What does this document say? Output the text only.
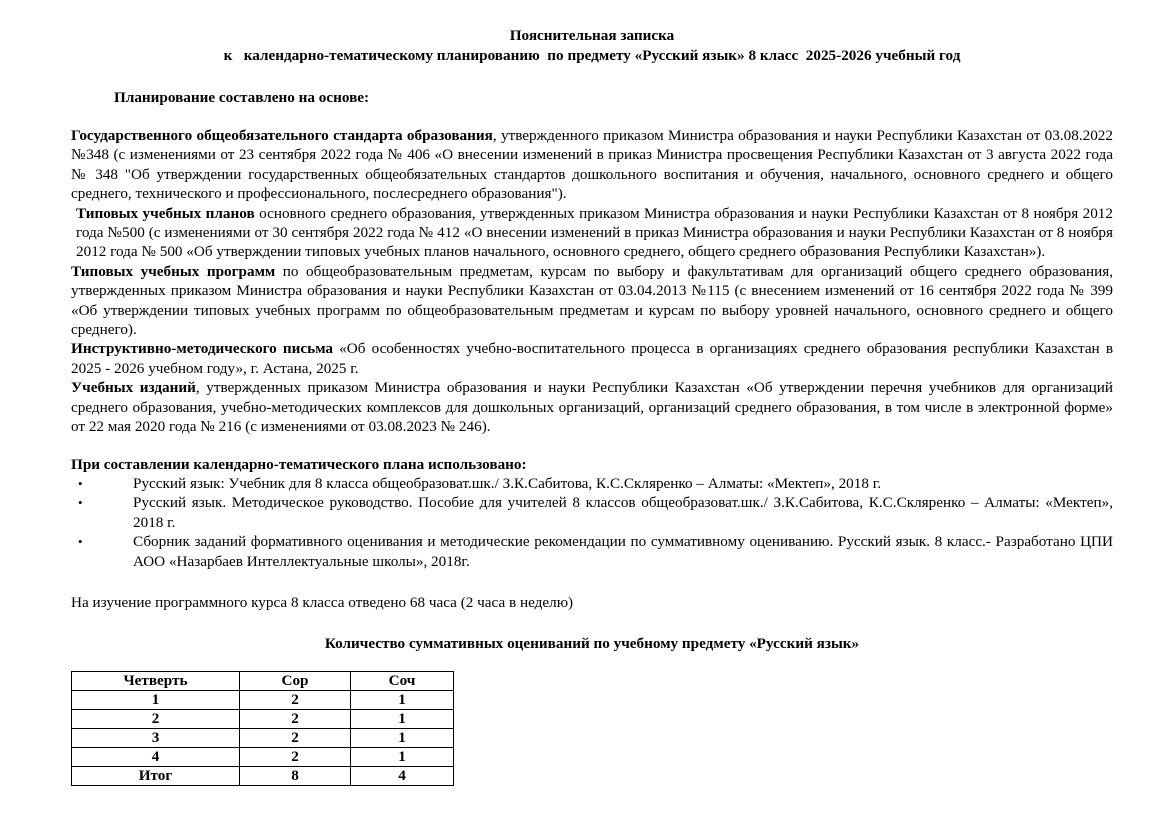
Пояснительная записка
к   календарно-тематическому планированию  по предмету «Русский язык» 8 класс  2025-2026 учебный год
Планирование составлено на основе:

Государственного общеобязательного стандарта образования, утвержденного приказом Министра образования и науки Республики Казахстан от 03.08.2022 №348 (с изменениями от 23 сентября 2022 года № 406 «О внесении изменений в приказ Министра просвещения Республики Казахстан от 3 августа 2022 года № 348 "Об утверждении государственных общеобязательных стандартов дошкольного воспитания и обучения, начального, основного среднего и общего среднего, технического и профессионального, послесреднего образования").

Типовых учебных планов основного среднего образования, утвержденных приказом Министра образования и науки Республики Казахстан от 8 ноября 2012 года №500 (с изменениями от 30 сентября 2022 года № 412 «О внесении изменений в приказ Министра образования и науки Республики Казахстан от 8 ноября 2012 года № 500 «Об утверждении типовых учебных планов начального, основного среднего, общего среднего образования Республики Казахстан»).

Типовых учебных программ по общеобразовательным предметам, курсам по выбору и факультативам для организаций общего среднего образования, утвержденных приказом Министра образования и науки Республики Казахстан от 03.04.2013 №115 (с внесением изменений от 16 сентября 2022 года № 399 «Об утверждении типовых учебных программ по общеобразовательным предметам и курсам по выбору уровней начального, основного среднего и общего среднего).

Инструктивно-методического письма «Об особенностях учебно-воспитательного процесса в организациях среднего образования республики Казахстан в 2025 - 2026 учебном году», г. Астана, 2025 г.

Учебных изданий, утвержденных приказом Министра образования и науки Республики Казахстан «Об утверждении перечня учебников для организаций среднего образования, учебно-методических комплексов для дошкольных организаций, организаций среднего образования, в том числе в электронной форме» от 22 мая 2020 года № 216 (с изменениями от 03.08.2023 № 246).

При составлении календарно-тематического плана использовано:

•	Русский язык: Учебник для 8 класса общеобразоват.шк./ З.К.Сабитова, К.С.Скляренко – Алматы: «Мектеп», 2018 г.
•	Русский язык. Методическое руководство. Пособие для учителей 8 классов общеобразоват.шк./ З.К.Сабитова, К.С.Скляренко – Алматы: «Мектеп», 2018 г.
•	Сборник заданий формативного оценивания и методические рекомендации по суммативному оцениванию. Русский язык. 8 класс.- Разработано ЦПИ АОО «Назарбаев Интеллектуальные школы», 2018г.
На изучение программного курса 8 класса отведено 68 часа (2 часа в неделю)
Количество суммативных оцениваний по учебному предмету «Русский язык»
Четверть	Сор	Соч
1	2	1
2	2	1
3	2	1
4	2	1
Итог	8	4
